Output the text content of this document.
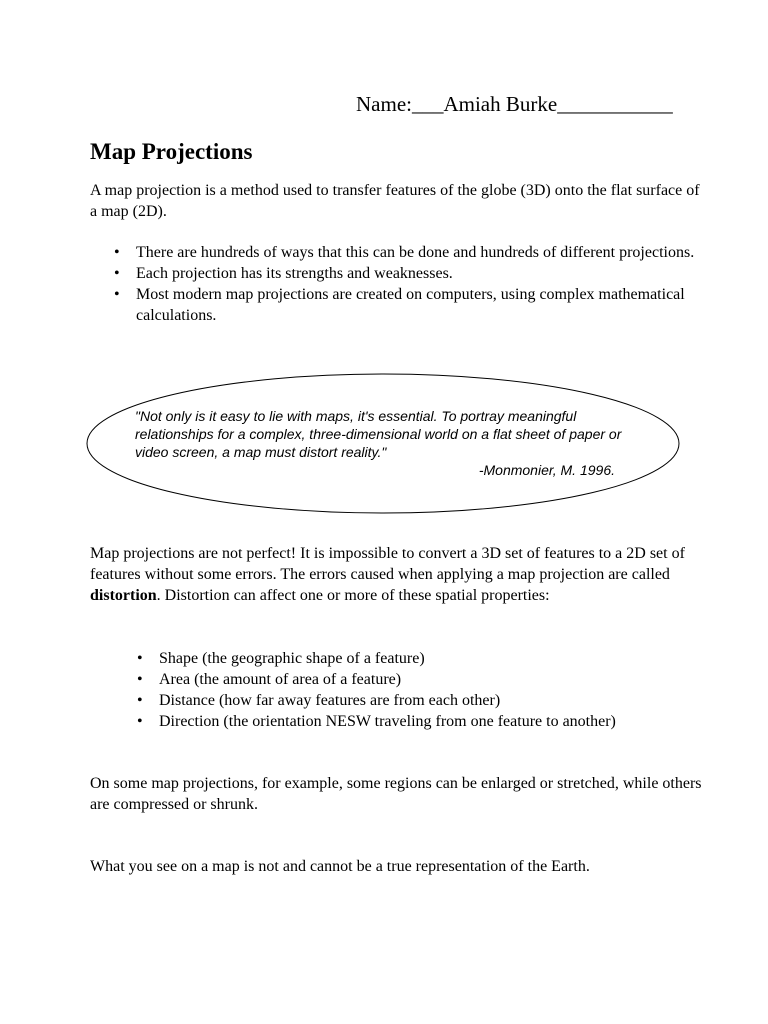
Name:___Amiah Burke___________
Map Projections

A map projection is a method used to transfer features of the globe (3D) onto the flat surface of a map (2D).

• There are hundreds of ways that this can be done and hundreds of different projections.
• Each projection has its strengths and weaknesses.
• Most modern map projections are created on computers, using complex mathematical calculations.
"Not only is it easy to lie with maps, it's essential. To portray meaningful relationships for a complex, three-dimensional world on a flat sheet of paper or video screen, a map must distort reality."
-Monmonier, M. 1996.

Map projections are not perfect! It is impossible to convert a 3D set of features to a 2D set of features without some errors. The errors caused when applying a map projection are called distortion. Distortion can affect one or more of these spatial properties:

• Shape (the geographic shape of a feature)
• Area (the amount of area of a feature)
• Distance (how far away features are from each other)
• Direction (the orientation NESW traveling from one feature to another)

On some map projections, for example, some regions can be enlarged or stretched, while others are compressed or shrunk.

What you see on a map is not and cannot be a true representation of the Earth.
